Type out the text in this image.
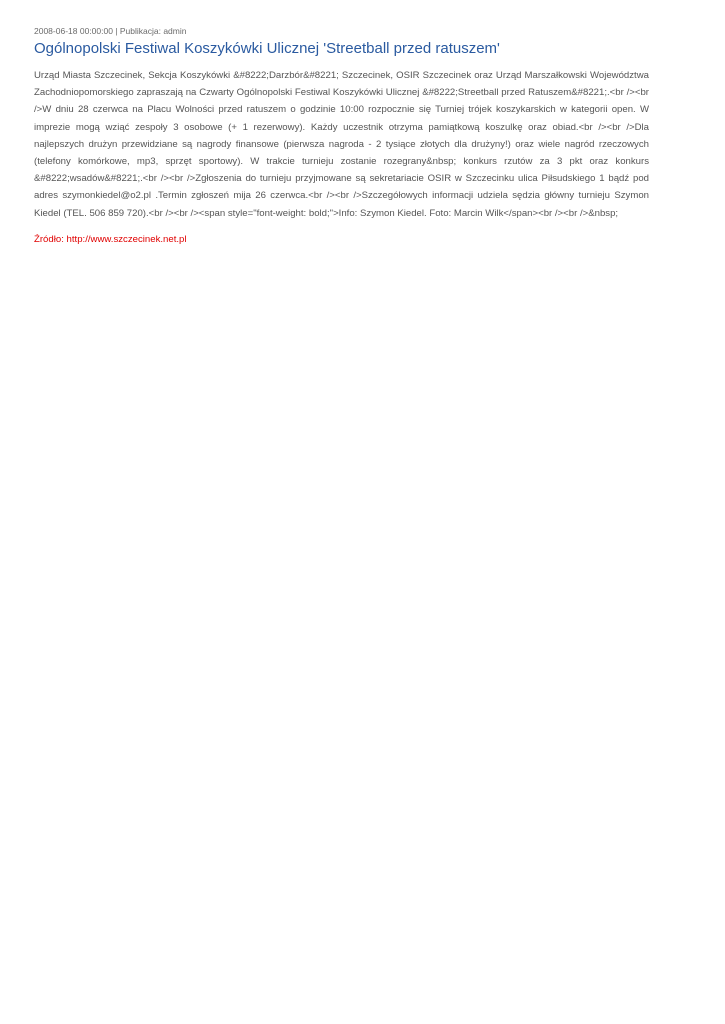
2008-06-18 00:00:00 | Publikacja: admin

Ogólnopolski Festiwal Koszykówki Ulicznej 'Streetball przed ratuszem'

Urząd Miasta Szczecinek, Sekcja Koszykówki &#8222;Darzbór&#8221; Szczecinek, OSIR Szczecinek oraz Urząd Marszałkowski Województwa Zachodniopomorskiego zapraszają na Czwarty Ogólnopolski Festiwal Koszykówki Ulicznej &#8222;Streetball przed Ratuszem&#8221;.<br /><br />W dniu 28 czerwca na Placu Wolności przed ratuszem o godzinie 10:00 rozpocznie się Turniej trójek koszykarskich w kategorii open. W imprezie mogą wziąć zespoły 3 osobowe (+ 1 rezerwowy). Każdy uczestnik otrzyma pamiątkową koszulkę oraz obiad.<br /><br />Dla najlepszych drużyn przewidziane są nagrody finansowe (pierwsza nagroda - 2 tysiące złotych dla drużyny!) oraz wiele nagród rzeczowych (telefony komórkowe, mp3, sprzęt sportowy). W trakcie turnieju zostanie rozegrany&nbsp; konkurs rzutów za 3 pkt oraz konkurs &#8222;wsadów&#8221;.<br /><br />Zgłoszenia do turnieju przyjmowane są sekretariacie OSIR w Szczecinku ulica Piłsudskiego 1 bądź pod adres szymonkiedel@o2.pl .Termin zgłoszeń mija 26 czerwca.<br /><br />Szczegółowych informacji udziela sędzia główny turnieju Szymon Kiedel (TEL. 506 859 720).<br /><br /><span style="font-weight: bold;">Info: Szymon Kiedel. Foto: Marcin Wilk</span><br /><br />&nbsp;

Źródło: http://www.szczecinek.net.pl
